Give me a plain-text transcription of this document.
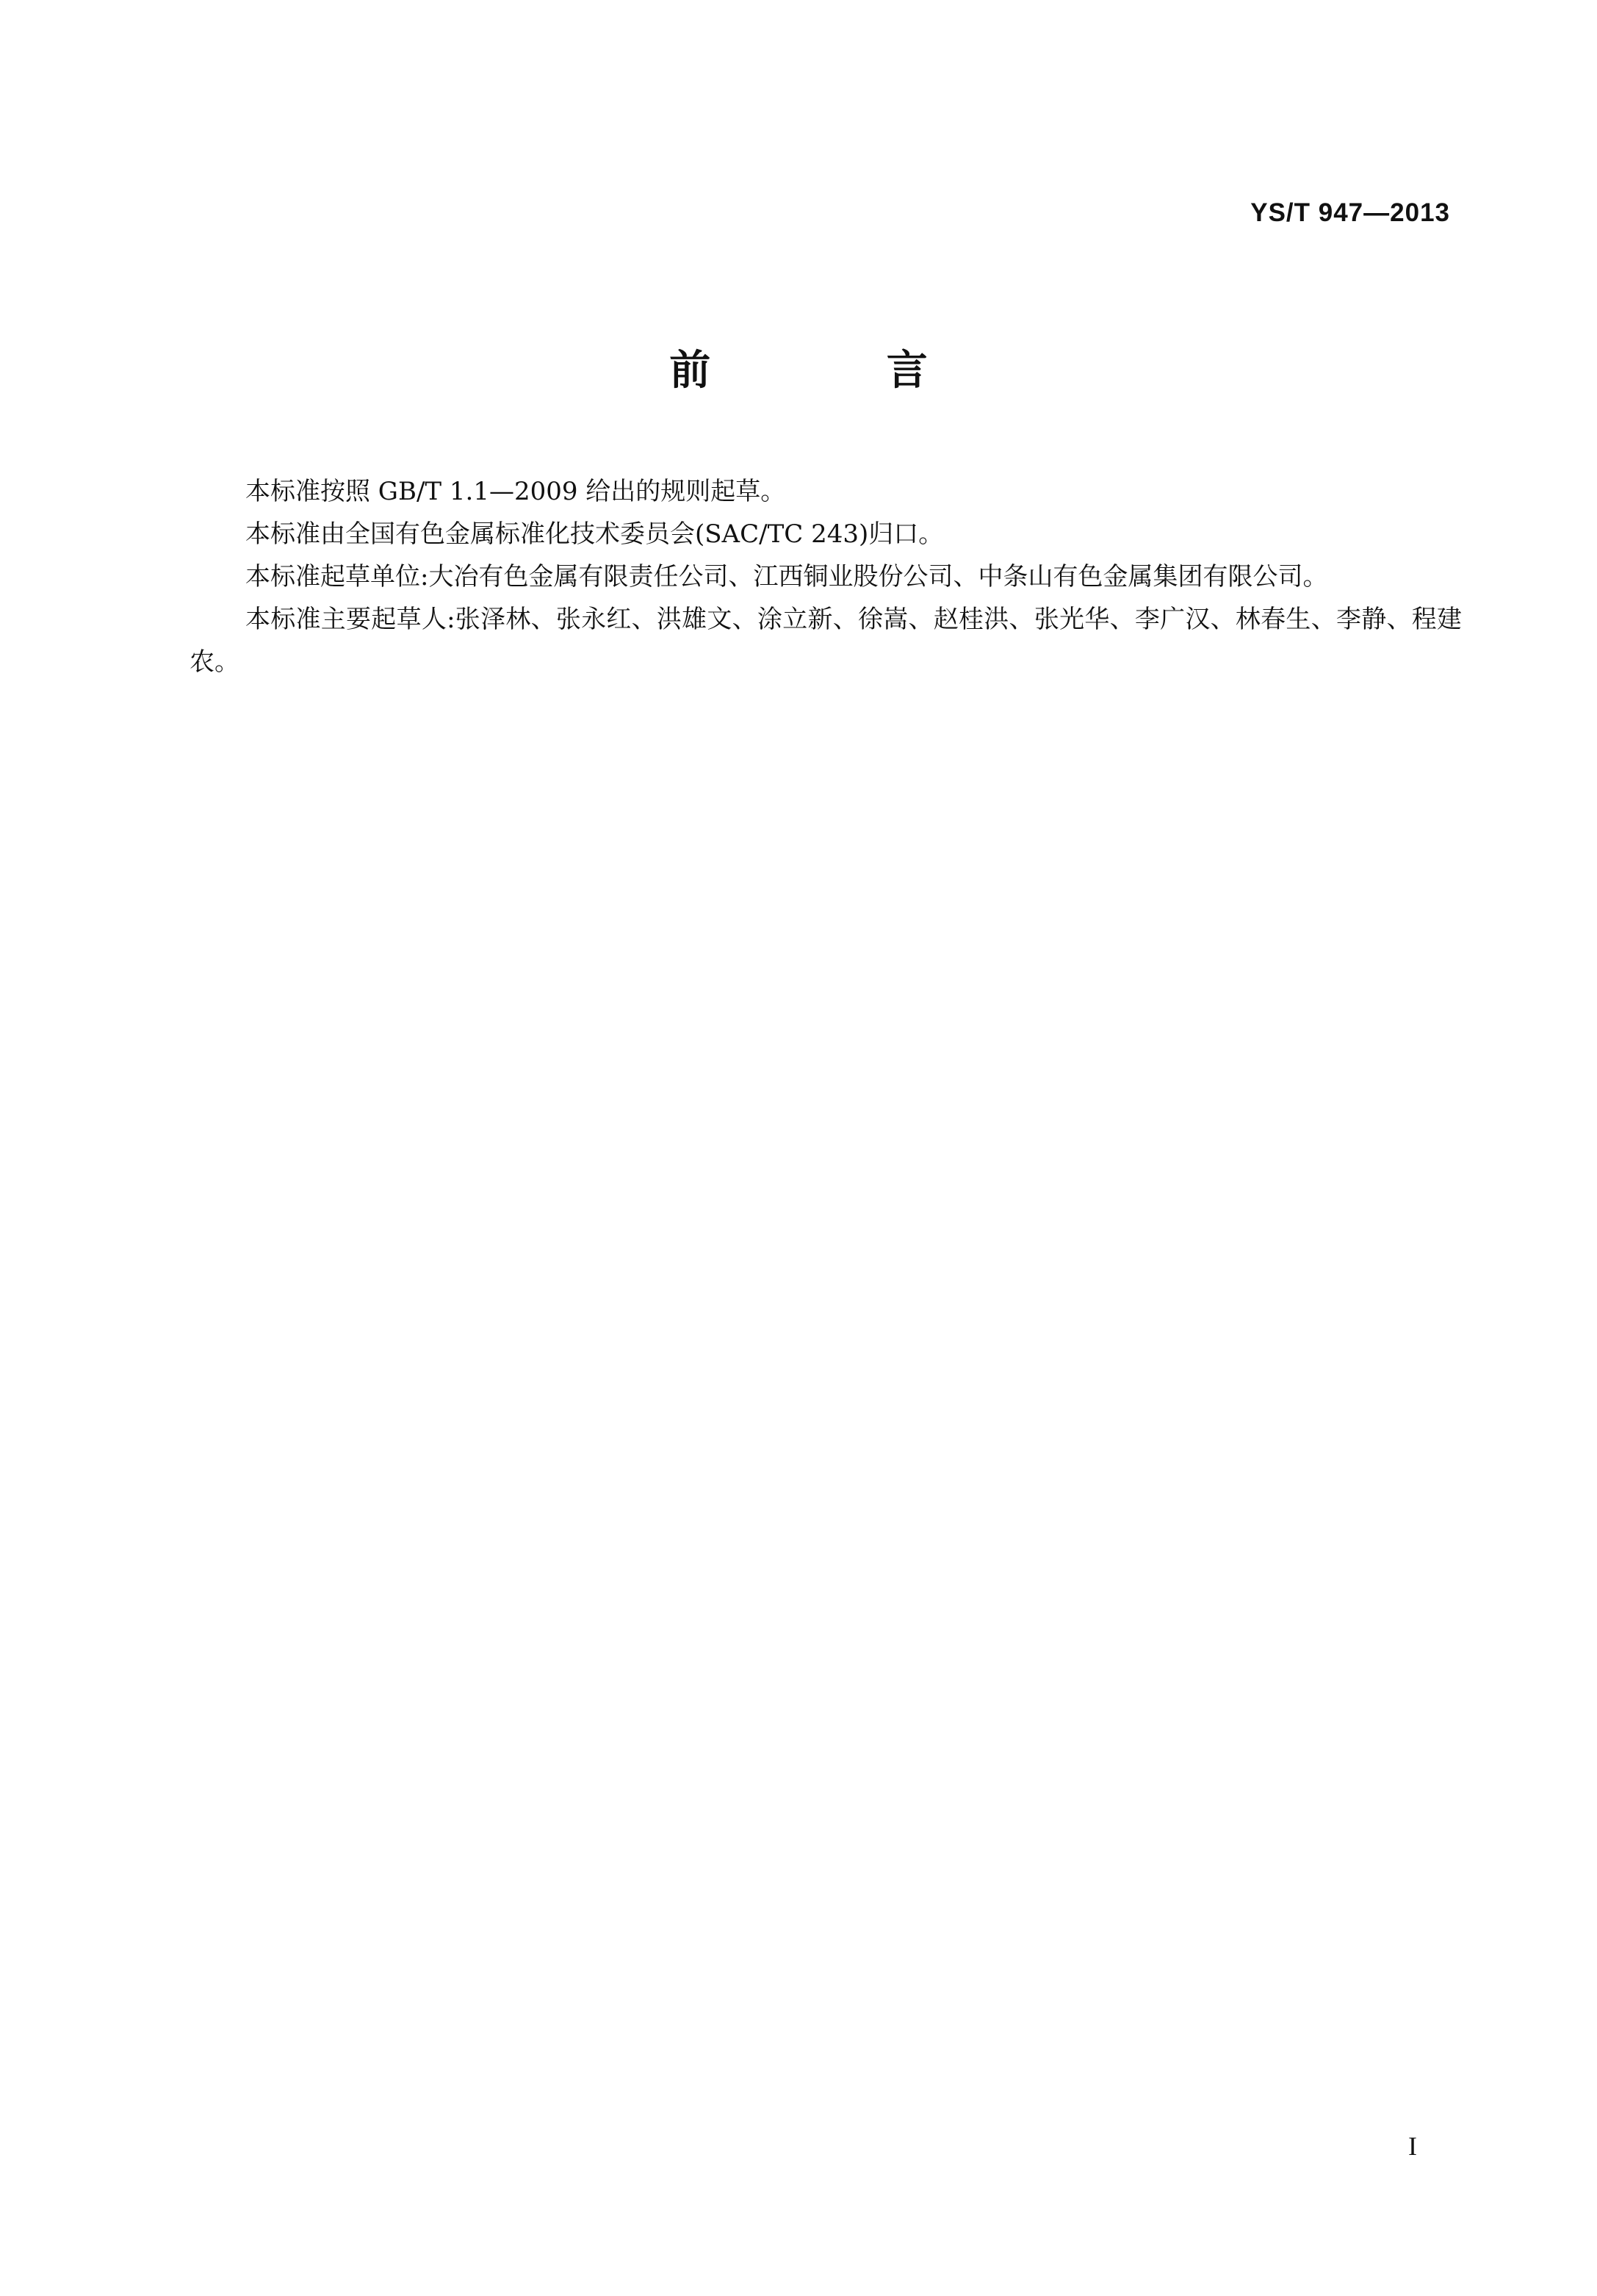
YS/T 947—2013
前 言

本标准按照 GB/T 1.1—2009 给出的规则起草。

本标准由全国有色金属标准化技术委员会(SAC/TC 243)归口。

本标准起草单位:大冶有色金属有限责任公司、江西铜业股份公司、中条山有色金属集团有限公司。

本标准主要起草人:张泽林、张永红、洪雄文、涂立新、徐嵩、赵桂洪、张光华、李广汉、林春生、李静、程建农。

I
